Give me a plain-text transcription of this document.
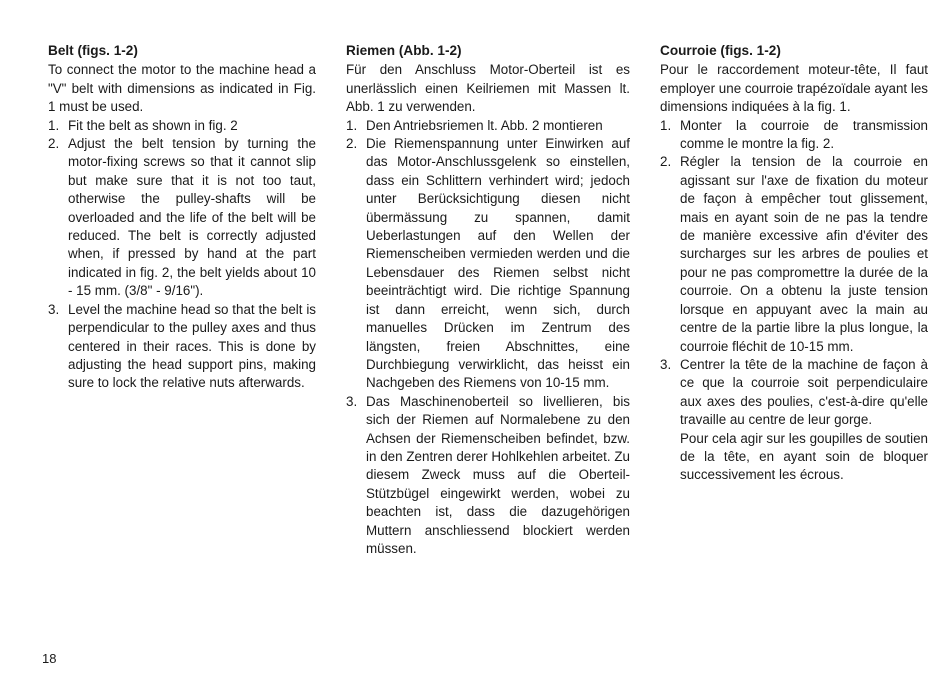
Belt (figs. 1-2)
To connect the motor to the machine head a "V" belt with dimensions as indicated in Fig. 1 must be used.
1. Fit the belt as shown in fig. 2
2. Adjust the belt tension by turning the motor-fixing screws so that it cannot slip but make sure that it is not too taut, otherwise the pulley-shafts will be overloaded and the life of the belt will be reduced. The belt is correctly adjusted when, if pressed by hand at the part indicated in fig. 2, the belt yields about 10 - 15 mm. (3/8" - 9/16").
3. Level the machine head so that the belt is perpendicular to the pulley axes and thus centered in their races. This is done by adjusting the head support pins, making sure to lock the relative nuts afterwards.
Riemen (Abb. 1-2)
Für den Anschluss Motor-Oberteil ist es unerlässlich einen Keilriemen mit Massen lt. Abb. 1 zu verwenden.
1. Den Antriebsriemen lt. Abb. 2 montieren
2. Die Riemenspannung unter Einwirken auf das Motor-Anschlussgelenk so einstellen, dass ein Schlittern verhindert wird; jedoch unter Berücksichtigung diesen nicht übermässung zu spannen, damit Ueberlastungen auf den Wellen der Riemenscheiben vermieden werden und die Lebensdauer des Riemen selbst nicht beeinträchtigt wird. Die richtige Spannung ist dann erreicht, wenn sich, durch manuelles Drücken im Zentrum des längsten, freien Abschnittes, eine Durchbiegung verwirklicht, das heisst ein Nachgeben des Riemens von 10-15 mm.
3. Das Maschinenoberteil so livellieren, bis sich der Riemen auf Normalebene zu den Achsen der Riemenscheiben befindet, bzw. in den Zentren derer Hohlkehlen arbeitet. Zu diesem Zweck muss auf die Oberteil-Stützbügel eingewirkt werden, wobei zu beachten ist, dass die dazugehörigen Muttern anschliessend blockiert werden müssen.
Courroie (figs. 1-2)
Pour le raccordement moteur-tête, Il faut employer une courroie trapézoïdale ayant les dimensions indiquées à la fig. 1.
1. Monter la courroie de transmission comme le montre la fig. 2.
2. Régler la tension de la courroie en agissant sur l'axe de fixation du moteur de façon à empêcher tout glissement, mais en ayant soin de ne pas la tendre de manière excessive afin d'éviter des surcharges sur les arbres de poulies et pour ne pas compromettre la durée de la courroie. On a obtenu la juste tension lorsque en appuyant avec la main au centre de la partie libre la plus longue, la courroie fléchit de 10-15 mm.
3. Centrer la tête de la machine de façon à ce que la courroie soit perpendiculaire aux axes des poulies, c'est-à-dire qu'elle travaille au centre de leur gorge.
Pour cela agir sur les goupilles de soutien de la tête, en ayant soin de bloquer successivement les écrous.
18
